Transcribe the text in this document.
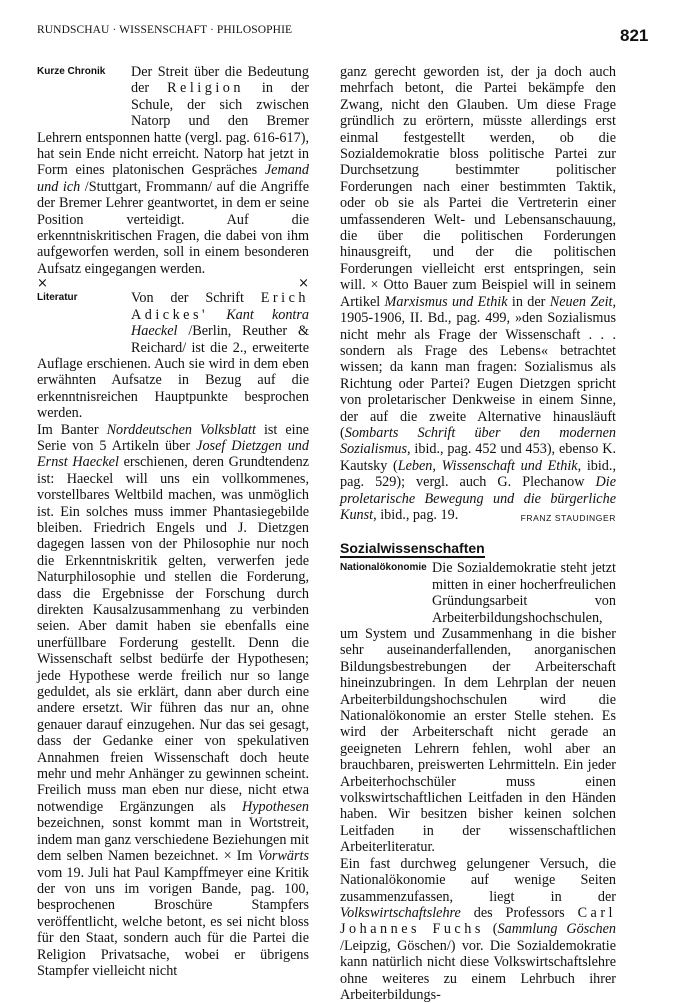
RUNDSCHAU · WISSENSCHAFT · PHILOSOPHIE	821
Kurze Chronik	Der Streit über die Bedeutung der Religion in der Schule, der sich zwischen Natorp und den Bremer Lehrern entsponnen hatte (vergl. pag. 616-617), hat sein Ende nicht erreicht. Natorp hat jetzt in Form eines platonischen Gespräches Jemand und ich /Stuttgart, Frommann/ auf die Angriffe der Bremer Lehrer geantwortet, in dem er seine Position verteidigt. Auf die erkenntniskritischen Fragen, die dabei von ihm aufgeworfen werden, soll in einem besonderen Aufsatz eingegangen werden.

×	×
Literatur	Von der Schrift Erich Adickes' Kant kontra Haeckel /Berlin, Reuther & Reichard/ ist die 2., erweiterte Auflage erschienen. Auch sie wird in dem eben erwähnten Aufsatze in Bezug auf die erkenntnisreichen Hauptpunkte besprochen werden.

Im Banter Norddeutschen Volksblatt ist eine Serie von 5 Artikeln über Josef Dietzgen und Ernst Haeckel erschienen, deren Grundtendenz ist: Haeckel will uns ein vollkommenes, vorstellbares Weltbild machen, was unmöglich ist. Ein solches muss immer Phantasiegebilde bleiben. Friedrich Engels und J. Dietzgen dagegen lassen von der Philosophie nur noch die Erkenntniskritik gelten, verwerfen jede Naturphilosophie und stellen die Forderung, dass die Ergebnisse der Forschung durch direkten Kausalzusammenhang zu verbinden seien. Aber damit haben sie ebenfalls eine unerfüllbare Forderung gestellt. Denn die Wissenschaft selbst bedürfe der Hypothesen; jede Hypothese werde freilich nur so lange geduldet, als sie erklärt, dann aber durch eine andere ersetzt. Wir führen das nur an, ohne genauer darauf einzugehen. Nur das sei gesagt, dass der Gedanke einer von spekulativen Annahmen freien Wissenschaft doch heute mehr und mehr Anhänger zu gewinnen scheint. Freilich muss man eben nur diese, nicht etwa notwendige Ergänzungen als Hypothesen bezeichnen, sonst kommt man in Wortstreit, indem man ganz verschiedene Beziehungen mit dem selben Namen bezeichnet. × Im Vorwärts vom 19. Juli hat Paul Kampffmeyer eine Kritik der von uns im vorigen Bande, pag. 100, besprochenen Broschüre Stampfers veröffentlicht, welche betont, es sei nicht bloss für den Staat, sondern auch für die Partei die Religion Privatsache, wobei er übrigens Stampfer vielleicht nicht

ganz gerecht geworden ist, der ja doch auch mehrfach betont, die Partei bekämpfe den Zwang, nicht den Glauben. Um diese Frage gründlich zu erörtern, müsste allerdings erst einmal festgestellt werden, ob die Sozialdemokratie bloss politische Partei zur Durchsetzung bestimmter politischer Forderungen nach einer bestimmten Taktik, oder ob sie als Partei die Vertreterin einer umfassenderen Welt- und Lebensanschauung, die über die politischen Forderungen hinausgreift, und der die politischen Forderungen vielleicht erst entspringen, sein will. × Otto Bauer zum Beispiel will in seinem Artikel Marxismus und Ethik in der Neuen Zeit, 1905-1906, II. Bd., pag. 499, »den Sozialismus nicht mehr als Frage der Wissenschaft . . . sondern als Frage des Lebens« betrachtet wissen; da kann man fragen: Sozialismus als Richtung oder Partei? Eugen Dietzgen spricht von proletarischer Denkweise in einem Sinne, der auf die zweite Alternative hinausläuft (Sombarts Schrift über den modernen Sozialismus, ibid., pag. 452 und 453), ebenso K. Kautsky (Leben, Wissenschaft und Ethik, ibid., pag. 529); vergl. auch G. Plechanow Die proletarische Bewegung und die bürgerliche Kunst, ibid., pag. 19.	FRANZ STAUDINGER

Sozialwissenschaften
Nationalökonomie Die Sozialdemokratie steht jetzt mitten in einer hocherfreulichen Gründungsarbeit von Arbeiterbildungshochschulen, um System und Zusammenhang in die bisher sehr auseinanderfallenden, anorganischen Bildungsbestrebungen der Arbeiterschaft hineinzubringen. In dem Lehrplan der neuen Arbeiterbildungshochschulen wird die Nationalökonomie an erster Stelle stehen. Es wird der Arbeiterschaft nicht gerade an geeigneten Lehrern fehlen, wohl aber an brauchbaren, preiswerten Lehrmitteln. Ein jeder Arbeiterhochschüler muss einen volkswirtschaftlichen Leitfaden in den Händen haben. Wir besitzen bisher keinen solchen Leitfaden in der wissenschaftlichen Arbeiterliteratur.

Ein fast durchweg gelungener Versuch, die Nationalökonomie auf wenige Seiten zusammenzufassen, liegt in der Volkswirtschaftslehre des Professors Carl Johannes Fuchs (Sammlung Göschen /Leipzig, Göschen/) vor. Die Sozialdemokratie kann natürlich nicht diese Volkswirtschaftslehre ohne weiteres zu einem Lehrbuch ihrer Arbeiterbildungs-
